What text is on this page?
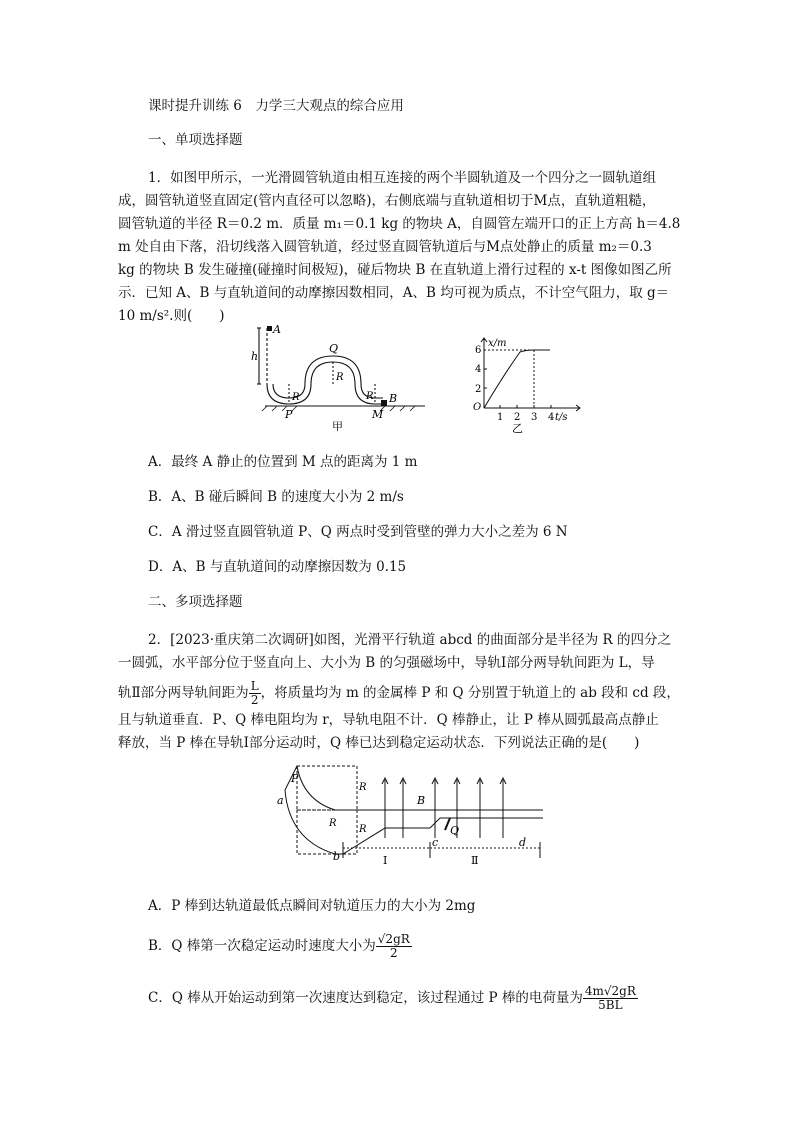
课时提升训练 6　力学三大观点的综合应用
一、单项选择题
1．如图甲所示，一光滑圆管轨道由相互连接的两个半圆轨道及一个四分之一圆轨道组
成，圆管轨道竖直固定(管内直径可以忽略)，右侧底端与直轨道相切于M点，直轨道粗糙，
圆管轨道的半径 R＝0.2 m．质量 m₁＝0.1 kg 的物块 A，自圆管左端开口的正上方高 h＝4.8
m 处自由下落，沿切线落入圆管轨道，经过竖直圆管轨道后与M点处静止的质量 m₂＝0.3
kg 的物块 B 发生碰撞(碰撞时间极短)，碰后物块 B 在直轨道上滑行过程的 x-t 图像如图乙所
示．已知 A、B 与直轨道间的动摩擦因数相同，A、B 均可视为质点，不计空气阻力，取 g＝
10 m/s².则(　　)
A
h
Q
R
R	R
P
B
M
甲
x/m
6
4
2
O
1 2 3 4 t/s
乙
A．最终 A 静止的位置到 M 点的距离为 1 m
B．A、B 碰后瞬间 B 的速度大小为 2 m/s
C．A 滑过竖直圆管轨道 P、Q 两点时受到管壁的弹力大小之差为 6 N
D．A、B 与直轨道间的动摩擦因数为 0.15
二、多项选择题
2．[2023·重庆第二次调研]如图，光滑平行轨道 abcd 的曲面部分是半径为 R 的四分之
一圆弧，水平部分位于竖直向上、大小为 B 的匀强磁场中，导轨Ⅰ部分两导轨间距为 L，导
轨Ⅱ部分两导轨间距为 $\frac{L}{2}$ ，将质量均为 m 的金属棒 P 和 Q 分别置于轨道上的 ab 段和 cd 段，
且与轨道垂直．P、Q 棒电阻均为 r，导轨电阻不计．Q 棒静止，让 P 棒从圆弧最高点静止
释放，当 P 棒在导轨Ⅰ部分运动时，Q 棒已达到稳定运动状态．下列说法正确的是(　　)
P
a
R
R
R
B
Q
b
c	d
Ⅰ	Ⅱ
A．P 棒到达轨道最低点瞬间对轨道压力的大小为 2mg
B．Q 棒第一次稳定运动时速度大小为 $\frac{√2gR}{2}$
C．Q 棒从开始运动到第一次速度达到稳定，该过程通过 P 棒的电荷量为 $\frac{4m√2gR}{5BL}$
